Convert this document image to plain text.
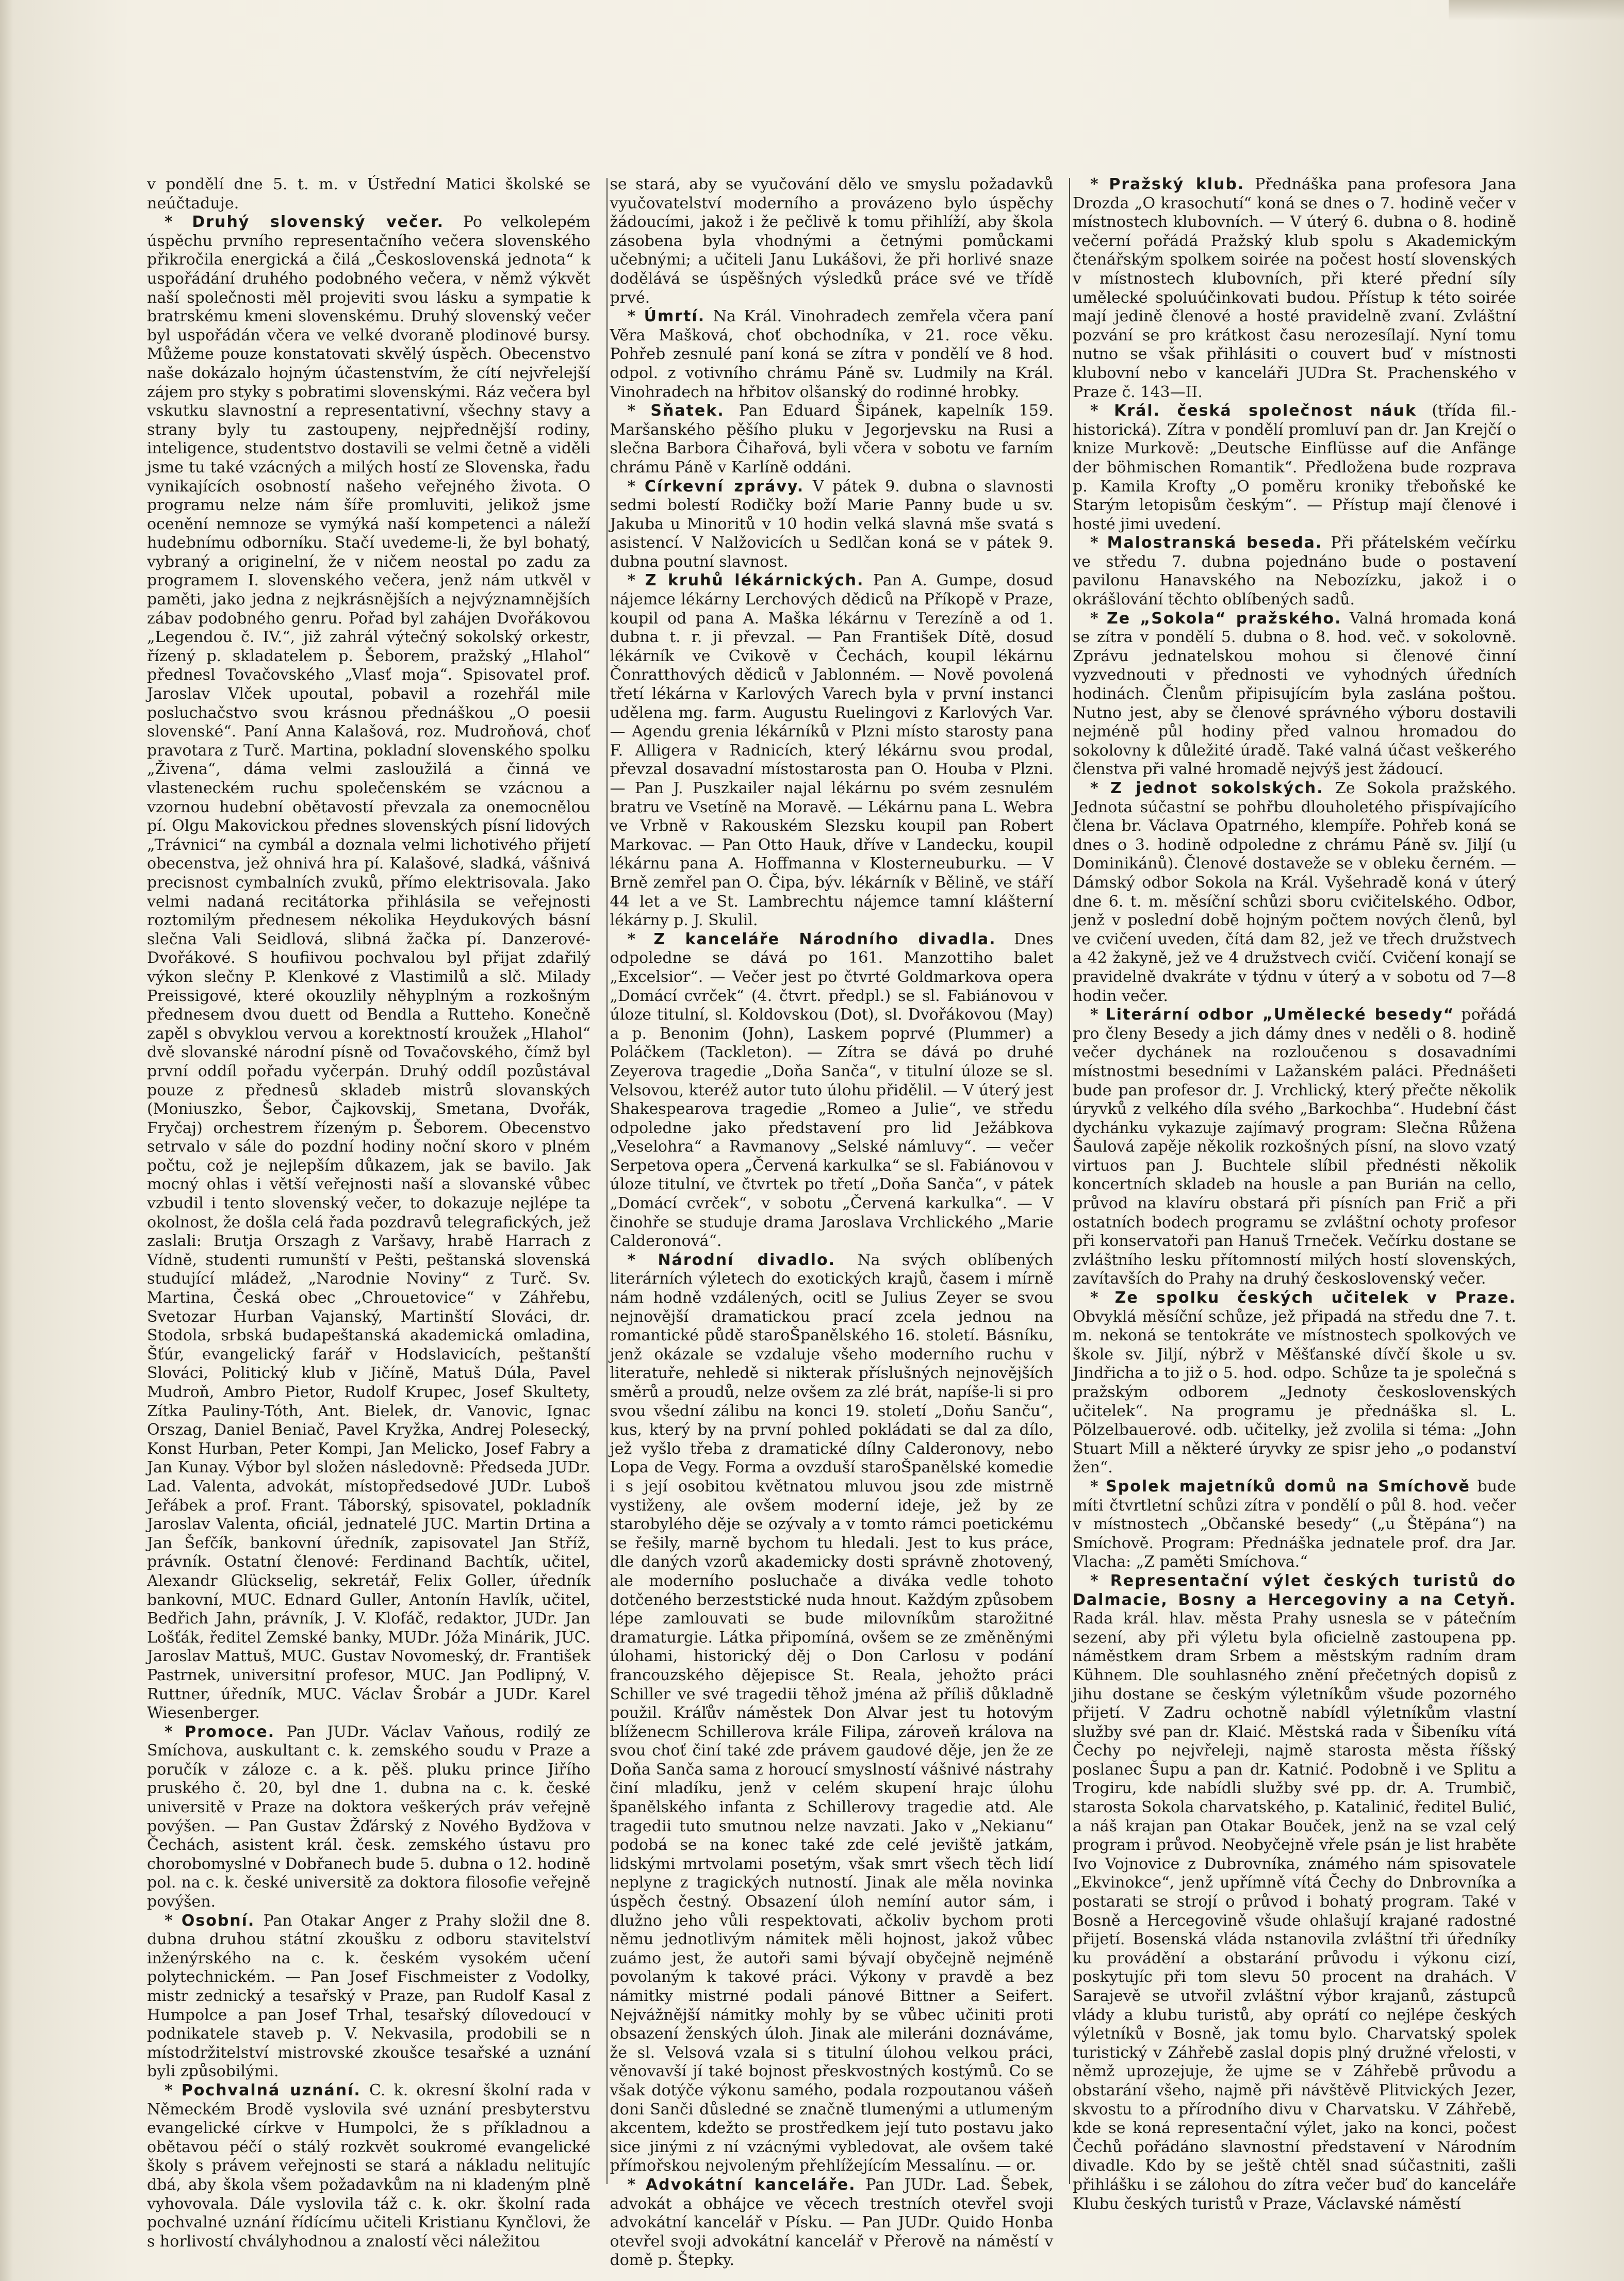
v pondělí dne 5. t. m. v Ústřední Matici školské se neúčtaduje.

* Druhý slovenský večer. Po velkolepém úspěchu prvního representačního večera slovenského přikročila energická a čilá „Československá jednota“ k uspořádání druhého podobného večera, v němž výkvět naší společnosti měl projeviti svou lásku a sympatie k bratrskému kmeni slovenskému. Druhý slovenský večer byl uspořádán včera ve velké dvoraně plodinové bursy. Můžeme pouze konstatovati skvělý úspěch. Obecenstvo naše dokázalo hojným účastenstvím, že cítí nejvřelejší zájem pro styky s pobratimi slovenskými. Ráz večera byl vskutku slavnostní a representativní, všechny stavy a strany byly tu zastoupeny, nejpřednější rodiny, inteligence, studentstvo dostavili se velmi četně a viděli jsme tu také vzácných a milých hostí ze Slovenska, řadu vynikajících osobností našeho veřejného života. O programu nelze nám šíře promluviti, jelikož jsme ocenění nemnoze se vymýká naší kompetenci a náleží hudebnímu odborníku. Stačí uvedeme-li, že byl bohatý, vybraný a originelní, že v ničem neostal po zadu za programem I. slovenského večera, jenž nám utkvěl v paměti, jako jedna z nejkrásnějších a nejvýznamnějších zábav podobného genru. Pořad byl zahájen Dvořákovou „Legendou č. IV.“, již zahrál výtečný sokolský orkestr, řízený p. skladatelem p. Šeborem, pražský „Hlahol“ přednesl Tovačovského „Vlasť moja“. Spisovatel prof. Jaroslav Vlček upoutal, pobavil a rozehřál mile posluchačstvo svou krásnou přednáškou „O poesii slovenské“. Paní Anna Kalašová, roz. Mudroňová, choť pravotara z Turč. Martina, pokladní slovenského spolku „Živena“, dáma velmi zasloužilá a činná ve vlasteneckém ruchu společenském se vzácnou a vzornou hudební obětavostí převzala za onemocnělou pí. Olgu Makovickou přednes slovenských písní lidových „Trávnici“ na cymbál a doznala velmi lichotivého přijetí obecenstva, jež ohnivá hra pí. Kalašové, sladká, vášnivá precisnost cymbalních zvuků, přímo elektrisovala. Jako velmi nadaná recitátorka přihlásila se veřejnosti roztomilým přednesem nékolika Heydukových básní slečna Vali Seidlová, slibná žačka pí. Danzerové-Dvořákové. S houfiivou pochvalou byl přijat zdařilý výkon slečny P. Klenkové z Vlastimilů a slč. Milady Preissigové, které okouzlily něhyplným a rozkošným přednesem dvou duett od Bendla a Rutteho. Konečně zapěl s obvyklou vervou a korektností kroužek „Hlahol“ dvě slovanské národní písně od Tovačovského, čímž byl první oddíl pořadu vyčerpán. Druhý oddíl pozůstával pouze z přednesů skladeb mistrů slovanských (Moniuszko, Šebor, Čajkovskij, Smetana, Dvořák, Fryčaj) orchestrem řízeným p. Šeborem. Obecenstvo setrvalo v sále do pozdní hodiny noční skoro v plném počtu, což je nejlepším důkazem, jak se bavilo. Jak mocný ohlas i větší veřejnosti naší a slovanské vůbec vzbudil i tento slovenský večer, to dokazuje nejlépe ta okolnost, že došla celá řada pozdravů telegrafických, jež zaslali: Brutja Orszagh z Varšavy, hrabě Harrach z Vídně, studenti rumunští v Pešti, peštanská slovenská studující mládež, „Narodnie Noviny“ z Turč. Sv. Martina, Česká obec „Chrouetovice“ v Záhřebu, Svetozar Hurban Vajanský, Martinští Slováci, dr. Stodola, srbská budapeštanská akademická omladina, Šťúr, evangelický farář v Hodslavicích, peštanští Slováci, Politický klub v Jičíně, Matuš Dúla, Pavel Mudroň, Ambro Pietor, Rudolf Krupec, Josef Skultety, Zítka Pauliny-Tóth, Ant. Bielek, dr. Vanovic, Ignac Orszag, Daniel Beniač, Pavel Kryžka, Andrej Polesecký, Konst Hurban, Peter Kompi, Jan Melicko, Josef Fabry a Jan Kunay. Výbor byl složen následovně: Předseda JUDr. Lad. Valenta, advokát, místopředsedové JUDr. Luboš Jeřábek a prof. Frant. Táborský, spisovatel, pokladník Jaroslav Valenta, oficiál, jednatelé JUC. Martin Drtina a Jan Šefčík, bankovní úředník, zapisovatel Jan Stříž, právník. Ostatní členové: Ferdinand Bachtík, učitel, Alexandr Glückselig, sekretář, Felix Goller, úředník bankovní, MUC. Ednard Guller, Antonín Havlík, učitel, Bedřich Jahn, právník, J. V. Klofáč, redaktor, JUDr. Jan Lošťák, ředitel Zemské banky, MUDr. Jóža Minárik, JUC. Jaroslav Mattuš, MUC. Gustav Novomeský, dr. František Pastrnek, universitní profesor, MUC. Jan Podlipný, V. Ruttner, úředník, MUC. Václav Šrobár a JUDr. Karel Wiesenberger.

* Promoce. Pan JUDr. Václav Vaňous, rodilý ze Smíchova, auskultant c. k. zemského soudu v Praze a poručík v záloze c. a k. pěš. pluku prince Jiřího pruského č. 20, byl dne 1. dubna na c. k. české universitě v Praze na doktora veškerých práv veřejně povýšen. — Pan Gustav Žďárský z Nového Bydžova v Čechách, asistent král. česk. zemského ústavu pro chorobomyslné v Dobřanech bude 5. dubna o 12. hodině pol. na c. k. české universitě za doktora filosofie veřejně povýšen.

* Osobní. Pan Otakar Anger z Prahy složil dne 8. dubna druhou státní zkoušku z odboru stavitelství inženýrského na c. k. českém vysokém učení polytechnickém. — Pan Josef Fischmeister z Vodolky, mistr zednický a tesařský v Praze, pan Rudolf Kasal z Humpolce a pan Josef Trhal, tesařský dílovedoucí v podnikatele staveb p. V. Nekvasila, prodobili se n místodržitelství mistrovské zkoušce tesařské a uznání byli způsobilými.

* Pochvalná uznání. C. k. okresní školní rada v Německém Brodě vyslovila své uznání presbyterstvu evangelické církve v Humpolci, že s příkladnou a obětavou péčí o stálý rozkvět soukromé evangelické školy s právem veřejnosti se stará a nákladu nelitujíc dbá, aby škola všem požadavkům na ni kladeným plně vyhovovala. Dále vyslovila táž c. k. okr. školní rada pochvalné uznání řídícímu učiteli Kristianu Kynčlovi, že s horlivostí chvályhodnou a znalostí věci náležitou

se stará, aby se vyučování dělo ve smyslu požadavků vyučovatelství moderního a provázeno bylo úspěchy žádoucími, jakož i že pečlivě k tomu přihlíží, aby škola zásobena byla vhodnými a četnými pomůckami učebnými; a učiteli Janu Lukášovi, že při horlivé snaze dodělává se úspěšných výsledků práce své ve třídě prvé.

* Úmrtí. Na Král. Vinohradech zemřela včera paní Věra Mašková, choť obchodníka, v 21. roce věku. Pohřeb zesnulé paní koná se zítra v pondělí ve 8 hod. odpol. z votivního chrámu Páně sv. Ludmily na Král. Vinohradech na hřbitov olšanský do rodinné hrobky.

* Sňatek. Pan Eduard Šipánek, kapelník 159. Maršanského pěšího pluku v Jegorjevsku na Rusi a slečna Barbora Čihařová, byli včera v sobotu ve farním chrámu Páně v Karlíně oddáni.

* Církevní zprávy. V pátek 9. dubna o slavnosti sedmi bolestí Rodičky boží Marie Panny bude u sv. Jakuba u Minoritů v 10 hodin velká slavná mše svatá s asistencí. V Nalžovicích u Sedlčan koná se v pátek 9. dubna poutní slavnost.

* Z kruhů lékárnických. Pan A. Gumpe, dosud nájemce lékárny Lerchových dědiců na Příkopě v Praze, koupil od pana A. Maška lékárnu v Terezíně a od 1. dubna t. r. ji převzal. — Pan František Dítě, dosud lékárník ve Cvikově v Čechách, koupil lékárnu Čonratthových dědiců v Jablonném. — Nově povolená třetí lékárna v Karlových Varech byla v první instanci udělena mg. farm. Augustu Ruelingovi z Karlových Var. — Agendu grenia lékárníků v Plzni místo starosty pana F. Alligera v Radnicích, který lékárnu svou prodal, převzal dosavadní místostarosta pan O. Houba v Plzni. — Pan J. Puszkailer najal lékárnu po svém zesnulém bratru ve Vsetíně na Moravě. — Lékárnu pana L. Webra ve Vrbně v Rakouském Slezsku koupil pan Robert Markovac. — Pan Otto Hauk, dříve v Landecku, koupil lékárnu pana A. Hoffmanna v Klosterneuburku. — V Brně zemřel pan O. Čipa, býv. lékárník v Bělině, ve stáří 44 let a ve St. Lambrechtu nájemce tamní klášterní lékárny p. J. Skulil.

* Z kanceláře Národního divadla. Dnes odpoledne se dává po 161. Manzottiho balet „Excelsior“. — Večer jest po čtvrté Goldmarkova opera „Domácí cvrček“ (4. čtvrt. předpl.) se sl. Fabiánovou v úloze titulní, sl. Koldovskou (Dot), sl. Dvořákovou (May) a p. Benonim (John), Laskem poprvé (Plummer) a Poláčkem (Tackleton). — Zítra se dává po druhé Zeyerova tragedie „Doňa Sanča“, v titulní úloze se sl. Velsovou, kteréž autor tuto úlohu přidělil. — V úterý jest Shakespearova tragedie „Romeo a Julie“, ve středu odpoledne jako představení pro lid Ježábkova „Veselohra“ a Ravmanovy „Selské námluvy“. — večer Serpetova opera „Červená karkulka“ se sl. Fabiánovou v úloze titulní, ve čtvrtek po třetí „Doňa Sanča“, v pátek „Domácí cvrček“, v sobotu „Červená karkulka“. — V činohře se studuje drama Jaroslava Vrchlického „Marie Calderonová“.

* Národní divadlo. Na svých oblíbených literárních výletech do exotických krajů, časem i mírně nám hodně vzdálených, ocitl se Julius Zeyer se svou nejnovější dramatickou prací zcela jednou na romantické půdě staroŠpanělského 16. století. Básníku, jenž okázale se vzdaluje všeho moderního ruchu v literatuře, nehledě si nikterak příslušných nejnovějších směrů a proudů, nelze ovšem za zlé brát, napíše-li si pro svou všední zálibu na konci 19. století „Doňu Sanču“, kus, který by na první pohled pokládati se dal za dílo, jež vyšlo třeba z dramatické dílny Calderonovy, nebo Lopa de Vegy. Forma a ovzduší staroŠpanělské komedie i s její osobitou květnatou mluvou jsou zde mistrně vystiženy, ale ovšem moderní ideje, jež by ze starobylého děje se ozývaly a v tomto rámci poetickému se řešily, marně bychom tu hledali. Jest to kus práce, dle daných vzorů akademicky dosti správně zhotovený, ale moderního posluchače a diváka vedle tohoto dotčeného berzeststické nuda hnout. Každým způsobem lépe zamlouvati se bude milovníkům starožitné dramaturgie. Látka připomíná, ovšem se ze změněnými úlohami, historický děj o Don Carlosu v podání francouzského dějepisce St. Reala, jehožto práci Schiller ve své tragedii těhož jména až příliš důkladně použil. Kráľův náměstek Don Alvar jest tu hotovým blíženecm Schillerova krále Filipa, zároveň králova na svou choť činí také zde právem gaudové děje, jen že ze Doňa Sanča sama z horoucí smyslností vášnivé nástrahy činí mladíku, jenž v celém skupení hrajc úlohu španělského infanta z Schillerovy tragedie atd. Ale tragedii tuto smutnou nelze navzati. Jako v „Nekianu“ podobá se na konec také zde celé jeviště jatkám, lidskými mrtvolami posetým, však smrt všech těch lidí neplyne z tragických nutností. Jinak ale měla novinka úspěch čestný. Obsazení úloh nemíní autor sám, i dlužno jeho vůli respektovati, ačkoliv bychom proti němu jednotlivým námitek měli hojnost, jakož vůbec zuámo jest, že autoři sami bývají obyčejně nejméně povolaným k takové práci. Výkony v pravdě a bez námitky mistrné podali pánové Bittner a Seifert. Nejvážnější námitky mohly by se vůbec učiniti proti obsazení ženských úloh. Jinak ale mileráni doznáváme, že sl. Velsová vzala si s titulní úlohou velkou práci, věnovavší jí také bojnost přeskvostných kostýmů. Co se však dotýče výkonu samého, podala rozpoutanou vášeň doni Sanči důsledné se značně tlumenými a utlumeným akcentem, kdežto se prostředkem její tuto postavu jako sice jinými z ní vzácnými vybledovat, ale ovšem také přímořskou nejvoleným přehlížejícím Messalínu. — or.

* Advokátní kanceláře. Pan JUDr. Lad. Šebek, advokát a obhájce ve věcech trestních otevřel svoji advokátní kancelář v Písku. — Pan JUDr. Quido Honba otevřel svoji advokátní kancelář v Přerově na náměstí v domě p. Štepky.

* Pražský klub. Přednáška pana profesora Jana Drozda „O krasochutí“ koná se dnes o 7. hodině večer v místnostech klubovních. — V úterý 6. dubna o 8. hodině večerní pořádá Pražský klub spolu s Akademickým čtenářským spolkem soirée na počest hostí slovenských v místnostech klubovních, při které přední síly umělecké spoluúčinkovati budou. Přístup k této soirée mají jedině členové a hosté pravidelně zvaní. Zvláštní pozvání se pro krátkost času nerozesílají. Nyní tomu nutno se však přihlásiti o couvert buď v místnosti klubovní nebo v kanceláři JUDra St. Prachenského v Praze č. 143—II.

* Král. česká společnost náuk (třída fil.-historická). Zítra v pondělí promluví pan dr. Jan Krejčí o knize Murkově: „Deutsche Einflüsse auf die Anfänge der böhmischen Romantik“. Předložena bude rozprava p. Kamila Krofty „O poměru kroniky třeboňské ke Starým letopisům českým“. — Přístup mají členové i hosté jimi uvedení.

* Malostranská beseda. Při přátelském večírku ve středu 7. dubna pojednáno bude o postavení pavilonu Hanavského na Nebozízku, jakož i o okrášlování těchto oblíbených sadů.

* Ze „Sokola“ pražského. Valná hromada koná se zítra v pondělí 5. dubna o 8. hod. več. v sokolovně. Zprávu jednatelskou mohou si členové činní vyzvednouti v přednosti ve vyhodných úředních hodinách. Členům připisujícím byla zaslána poštou. Nutno jest, aby se členové správného výboru dostavili nejméně půl hodiny před valnou hromadou do sokolovny k důležité úradě. Také valná účast veškerého členstva při valné hromadě nejvýš jest žádoucí.

* Z jednot sokolských. Ze Sokola pražského. Jednota súčastní se pohřbu dlouholetého přispívajícího člena br. Václava Opatrného, klempíře. Pohřeb koná se dnes o 3. hodině odpoledne z chrámu Páně sv. Jiljí (u Dominikánů). Členové dostaveže se v obleku černém. — Dámský odbor Sokola na Král. Vyšehradě koná v úterý dne 6. t. m. měsíční schůzi sboru cvičitelského. Odbor, jenž v poslední době hojným počtem nových členů, byl ve cvičení uveden, čítá dam 82, jež ve třech družstvech a 42 žakyně, jež ve 4 družstvech cvičí. Cvičení konají se pravidelně dvakráte v týdnu v úterý a v sobotu od 7—8 hodin večer.

* Literární odbor „Umělecké besedy“ pořádá pro členy Besedy a jich dámy dnes v neděli o 8. hodině večer dychánek na rozloučenou s dosavadními místnostmi besedními v Lažanském paláci. Přednášeti bude pan profesor dr. J. Vrchlický, který přečte několik úryvků z velkého díla svého „Barkochba“. Hudební část dychánku vykazuje zajímavý program: Slečna Růžena Šaulová zapěje několik rozkošných písní, na slovo vzatý virtuos pan J. Buchtele slíbil přednésti několik koncertních skladeb na housle a pan Burián na cello, průvod na klavíru obstará při písních pan Frič a při ostatních bodech programu se zvláštní ochoty profesor při konservatoři pan Hanuš Trneček. Večírku dostane se zvláštního lesku přítomností milých hostí slovenských, zavítavších do Prahy na druhý československý večer.

* Ze spolku českých učitelek v Praze. Obvyklá měsíční schůze, jež připadá na středu dne 7. t. m. nekoná se tentokráte ve místnostech spolkových ve škole sv. Jiljí, nýbrž v Měšťanské dívčí škole u sv. Jindřicha a to již o 5. hod. odpo. Schůze ta je společná s pražským odborem „Jednoty československých učitelek“. Na programu je přednáška sl. L. Pölzelbauerové. odb. učitelky, jež zvolila si téma: „John Stuart Mill a některé úryvky ze spisr jeho „o podanství žen“.

* Spolek majetníků domů na Smíchově bude míti čtvrtletní schůzi zítra v pondělí o půl 8. hod. večer v místnostech „Občanské besedy“ („u Štěpána“) na Smíchově. Program: Přednáška jednatele prof. dra Jar. Vlacha: „Z paměti Smíchova.“

* Representační výlet českých turistů do Dalmacie, Bosny a Hercegoviny a na Cetyň. Rada král. hlav. města Prahy usnesla se v pátečním sezení, aby při výletu byla oficielně zastoupena pp. náměstkem dram Srbem a městským radním dram Kühnem. Dle souhlasného znění přečetných dopisů z jihu dostane se českým výletníkům všude pozorného přijetí. V Zadru ochotně nabídl výletníkům vlastní služby své pan dr. Klaić. Městská rada v Šibeníku vítá Čechy po nejvřeleji, najmě starosta města říšský poslanec Šupu a pan dr. Katnić. Podobně i ve Splitu a Trogiru, kde nabídli služby své pp. dr. A. Trumbič, starosta Sokola charvatského, p. Katalinić, ředitel Bulić, a náš krajan pan Otakar Bouček, jenž na se vzal celý program i průvod. Neobyčejně vřele psán je list hraběte Ivo Vojnovice z Dubrovníka, známého nám spisovatele „Ekvinokce“, jenž upřímně vítá Čechy do Dnbrovníka a postarati se strojí o průvod i bohatý program. Také v Bosně a Hercegovině všude ohlašují krajané radostné přijetí. Bosenská vláda nstanovila zvláštní tři úředníky ku provádění a obstarání průvodu i výkonu cizí, poskytujíc při tom slevu 50 procent na drahách. V Sarajevě se utvořil zvláštní výbor krajanů, zástupců vlády a klubu turistů, aby oprátí co nejlépe českých výletníků v Bosně, jak tomu bylo. Charvatský spolek turistický v Záhřebě zaslal dopis plný družné vřelosti, v němž uprozejuje, že ujme se v Záhřebě průvodu a obstarání všeho, najmě při návštěvě Plitvických Jezer, skvostu to a přírodního divu v Charvatsku. V Záhřebě, kde se koná representační výlet, jako na konci, počest Čechů pořádáno slavnostní představení v Národním divadle. Kdo by se ještě chtěl snad súčastniti, zašli přihlášku i se zálohou do zítra večer buď do kanceláře Klubu českých turistů v Praze, Václavské náměstí
